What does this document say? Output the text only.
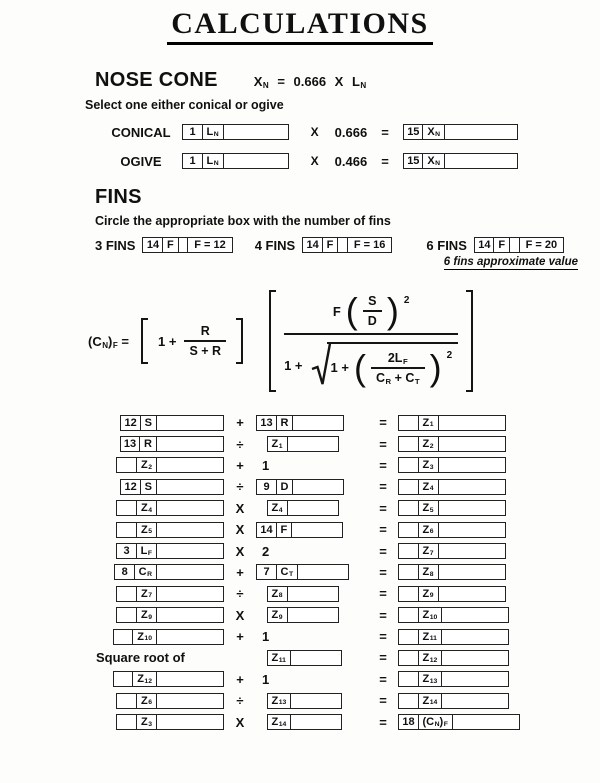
CALCULATIONS
NOSE CONE	XN = 0.666 X LN
Select one either conical or ogive
CONICAL	1 L N	X 0.666 =	15 X N
OGIVE	1 L N	X 0.466 =	15 X N
FINS
Circle the appropriate box with the number of fins
3 FINS	14 F	F = 12	4 FINS	14 F	F = 16	6 FINS	14 F	F = 20
6 fins approximate value
$(CN)F = 1 + \frac{R}{S + R}$
F ( $\frac{S}{D}$ ) 2
1 + 1 + ( $\frac{2LF}{CR + CT}$ ) 2
12 S	+	13 R	=	Z 1
13 R	÷	Z 1	=	Z 2
Z 2	+	1	=	Z 3
12 S	÷	9 D	=	Z 4
Z 4	X	Z 4	=	Z 5
Z 5	X	14 F	=	Z 6
3 L F	X	2	=	Z 7
8 C R	+	7 C T	=	Z 8
Z 7	÷	Z 8	=	Z 9
Z 9	X	Z 9	=	Z 10
Z 10	+	1	=	Z 11
Square root of	Z 11	=	Z 12
Z 12	+	1	=	Z 13
Z 6	÷	Z 13	=	Z 14
Z 3	X	Z 14	=	18 (C N ) F
